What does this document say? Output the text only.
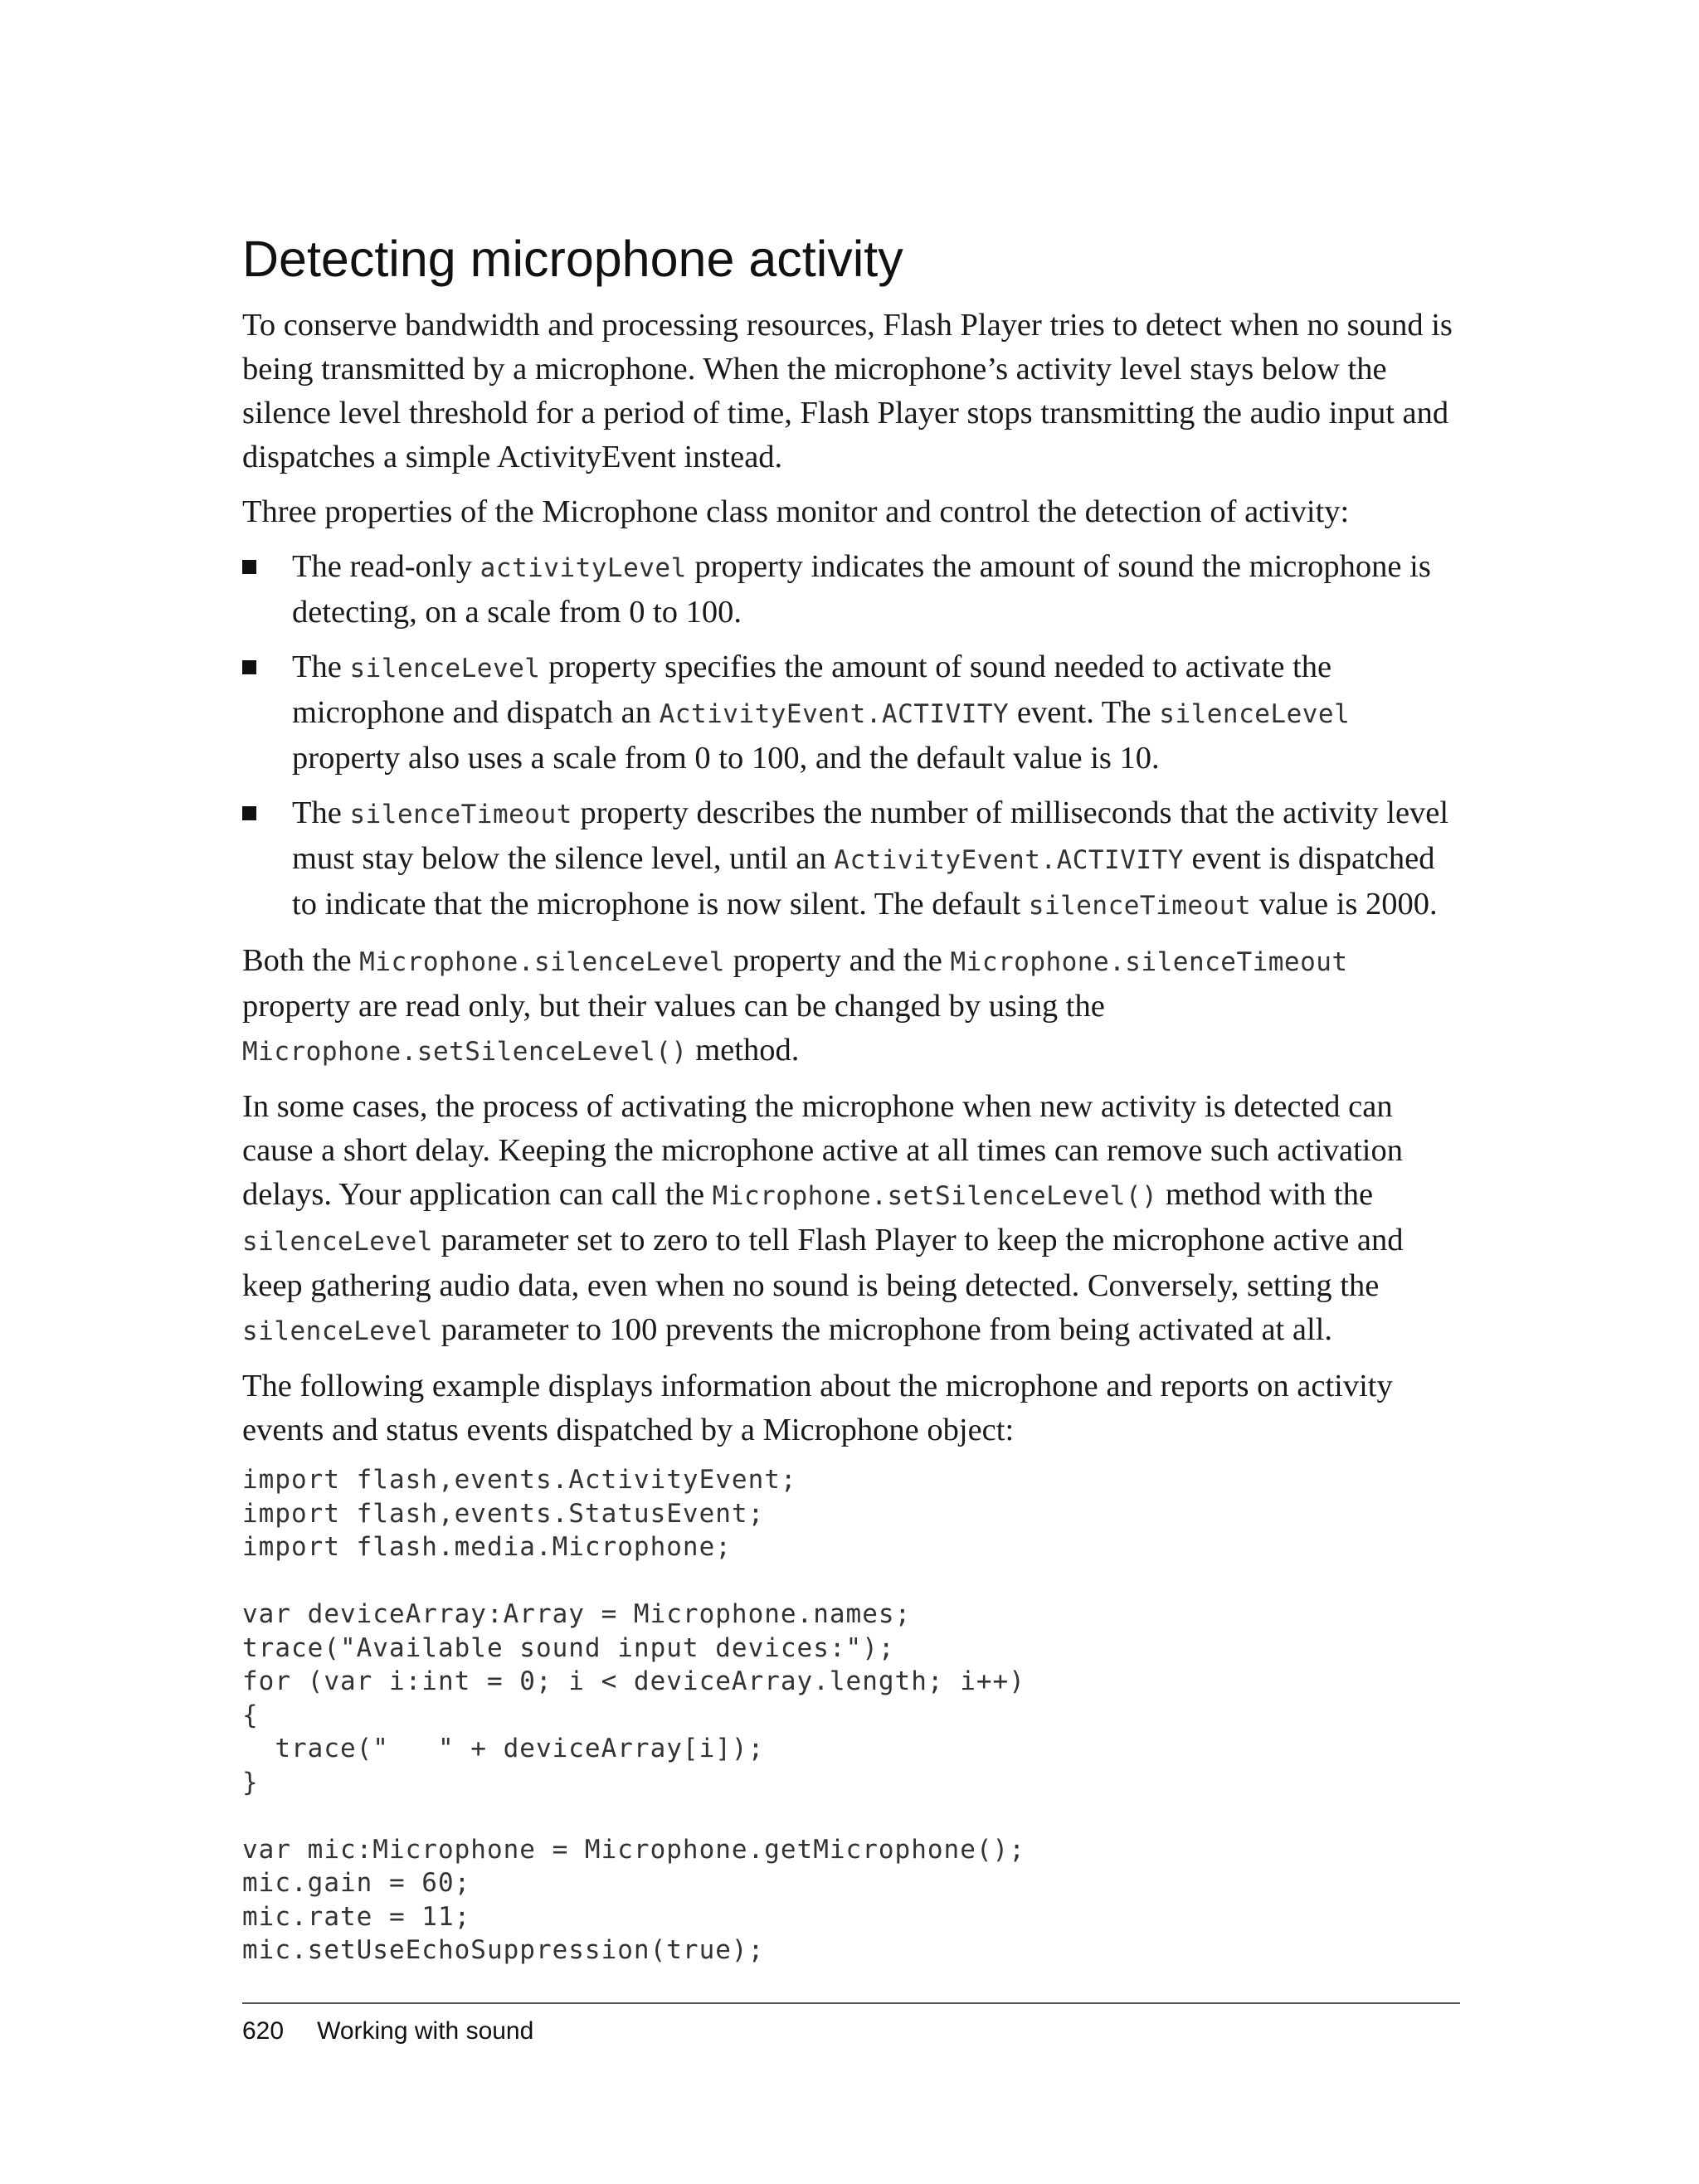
Detecting microphone activity

To conserve bandwidth and processing resources, Flash Player tries to detect when no sound is being transmitted by a microphone. When the microphone’s activity level stays below the silence level threshold for a period of time, Flash Player stops transmitting the audio input and dispatches a simple ActivityEvent instead.

Three properties of the Microphone class monitor and control the detection of activity:

The read-only activityLevel property indicates the amount of sound the microphone is detecting, on a scale from 0 to 100.
The silenceLevel property specifies the amount of sound needed to activate the microphone and dispatch an ActivityEvent.ACTIVITY event. The silenceLevel property also uses a scale from 0 to 100, and the default value is 10.
The silenceTimeout property describes the number of milliseconds that the activity level must stay below the silence level, until an ActivityEvent.ACTIVITY event is dispatched to indicate that the microphone is now silent. The default silenceTimeout value is 2000.

Both the Microphone.silenceLevel property and the Microphone.silenceTimeout property are read only, but their values can be changed by using the Microphone.setSilenceLevel() method.

In some cases, the process of activating the microphone when new activity is detected can cause a short delay. Keeping the microphone active at all times can remove such activation delays. Your application can call the Microphone.setSilenceLevel() method with the silenceLevel parameter set to zero to tell Flash Player to keep the microphone active and keep gathering audio data, even when no sound is being detected. Conversely, setting the silenceLevel parameter to 100 prevents the microphone from being activated at all.

The following example displays information about the microphone and reports on activity events and status events dispatched by a Microphone object:

import flash,events.ActivityEvent;
import flash,events.StatusEvent;
import flash.media.Microphone;

var deviceArray:Array = Microphone.names;
trace("Available sound input devices:");
for (var i:int = 0; i < deviceArray.length; i++)
{
trace("   " + deviceArray[i]);
}

var mic:Microphone = Microphone.getMicrophone();
mic.gain = 60;
mic.rate = 11;
mic.setUseEchoSuppression(true);
620 Working with sound
